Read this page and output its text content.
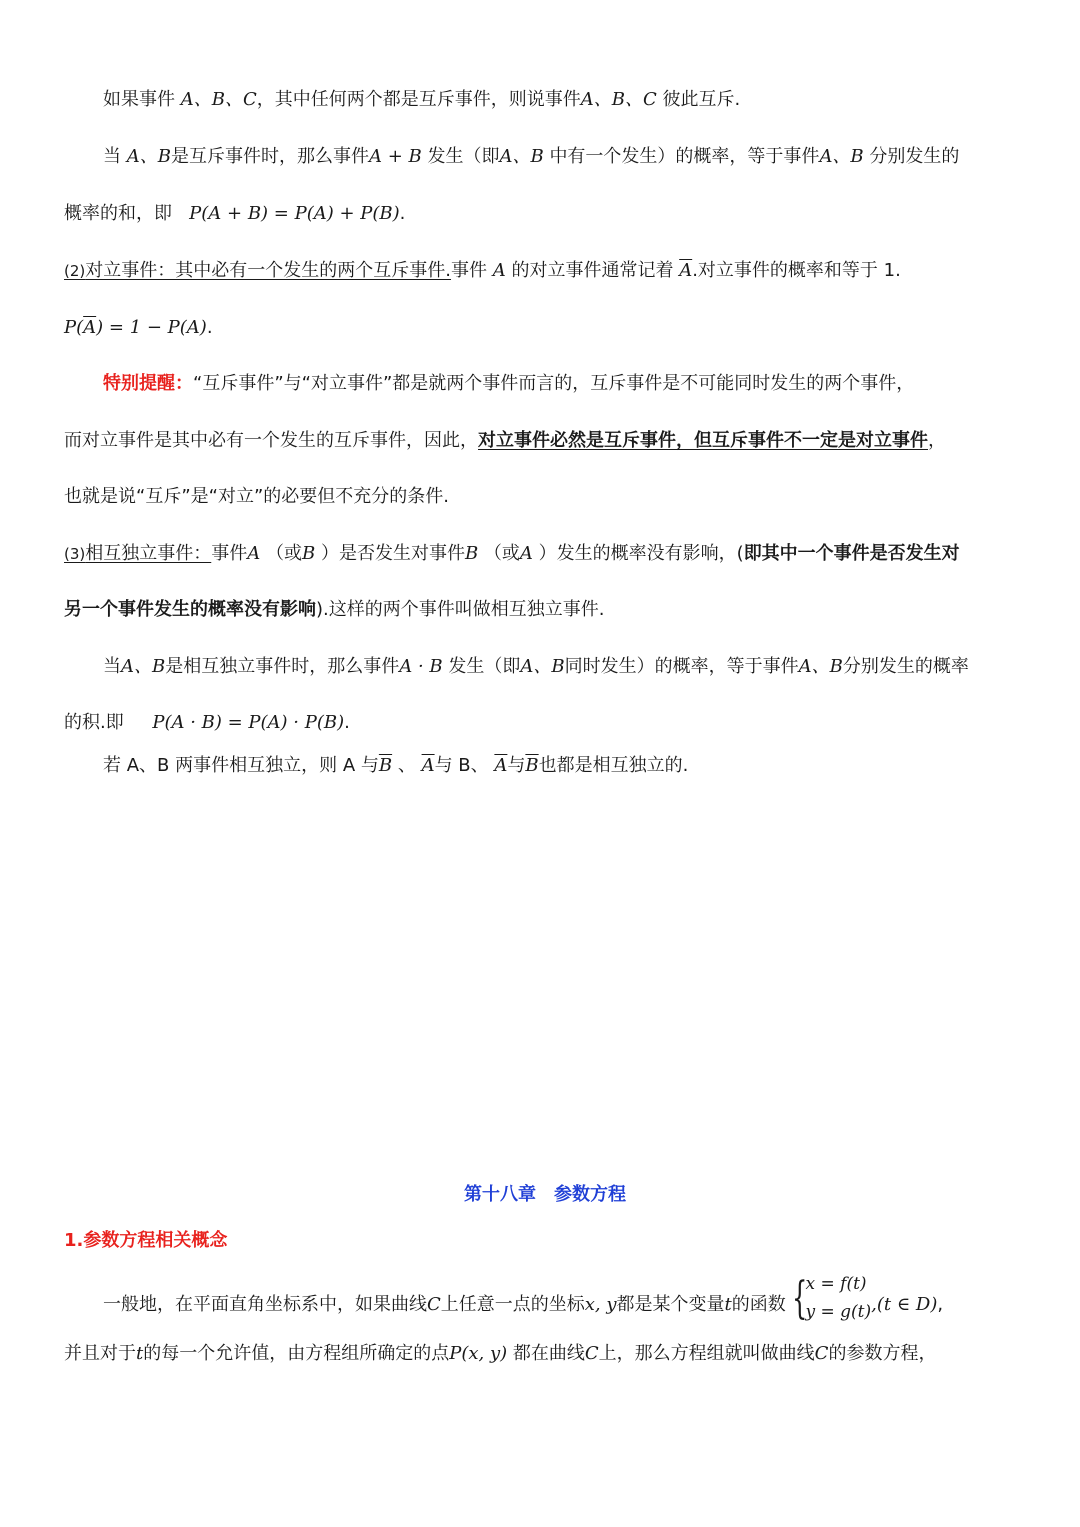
如果事件 A、B、C，其中任何两个都是互斥事件，则说事件A、B、C 彼此互斥.
当 A、B是互斥事件时，那么事件A + B 发生（即A、B 中有一个发生）的概率，等于事件A、B 分别发生的
概率的和，即 P(A + B) = P(A) + P(B).
(2)对立事件：其中必有一个发生的两个互斥事件.事件 A 的对立事件通常记着 $\overline{A}$.对立事件的概率和等于 1.
$P(\overline{A}) = 1 - P(A)$.
特别提醒：“互斥事件”与“对立事件”都是就两个事件而言的，互斥事件是不可能同时发生的两个事件，
而对立事件是其中必有一个发生的互斥事件，因此，对立事件必然是互斥事件，但互斥事件不一定是对立事件，
也就是说“互斥”是“对立”的必要但不充分的条件.
(3)相互独立事件：事件A （或B ）是否发生对事件B （或A ）发生的概率没有影响，(即其中一个事件是否发生对
另一个事件发生的概率没有影响).这样的两个事件叫做相互独立事件.
当A、B是相互独立事件时，那么事件A · B 发生（即A、B同时发生）的概率，等于事件A、B分别发生的概率
的积.即 P(A · B) = P(A) · P(B).
若 A、B 两事件相互独立，则 A 与$\overline{B}$ 、 $\overline{A}$与 B、 $\overline{A}$与$\overline{B}$也都是相互独立的.
第十八章　参数方程
1.参数方程相关概念
一般地，在平面直角坐标系中，如果曲线C上任意一点的坐标x, y都是某个变量t的函数 {
x = f(t)
y = g(t) ,(t ∈ D),
并且对于t的每一个允许值，由方程组所确定的点P(x, y) 都在曲线C上，那么方程组就叫做曲线C的参数方程，
